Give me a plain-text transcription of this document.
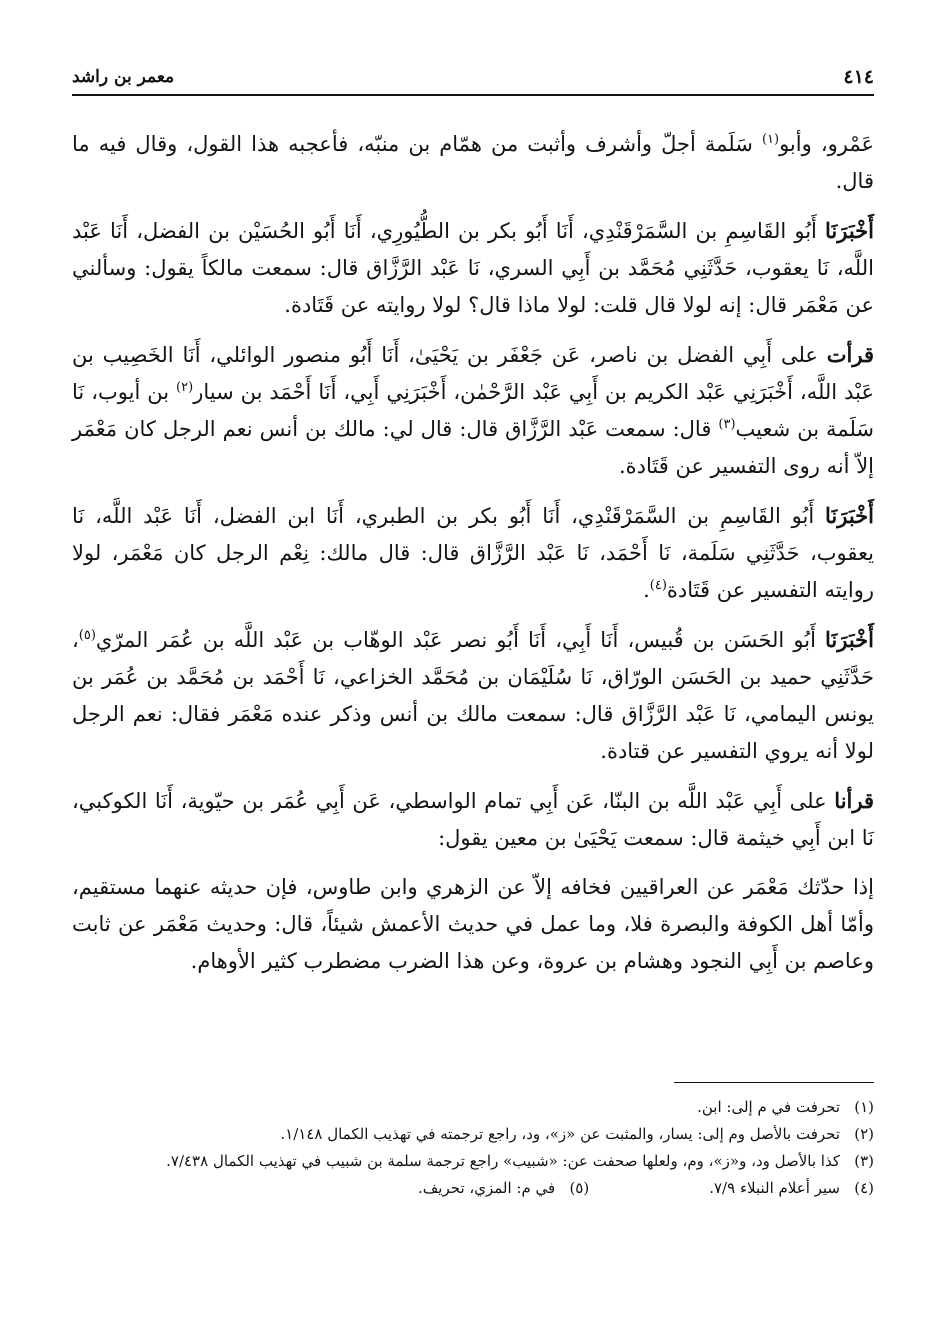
٤١٤
معمر بن راشد

عَمْرو، وأبو$^{(١)}$ سَلَمة أجلّ وأشرف وأثبت من همّام بن منبّه، فأعجبه هذا القول، وقال فيه ما قال.

أَخْبَرَنَا أَبُو القَاسِمِ بن السَّمَرْقَنْدِي، أَنَا أَبُو بكر بن الطُّيُورِي، أَنَا أَبُو الحُسَيْن بن الفضل، أَنَا عَبْد اللَّه، نَا يعقوب، حَدَّثَنِي مُحَمَّد بن أَبِي السري، نَا عَبْد الرَّزَّاق قال: سمعت مالكاً يقول: وسألني عن مَعْمَر قال: إنه لولا قال قلت: لولا ماذا قال؟ لولا روايته عن قَتَادة.

قرأت على أَبِي الفضل بن ناصر، عَن جَعْفَر بن يَحْيَىٰ، أَنَا أَبُو منصور الوائلي، أَنَا الخَصِيب بن عَبْد اللَّه، أَخْبَرَنِي عَبْد الكريم بن أَبِي عَبْد الرَّحْمٰن، أَخْبَرَنِي أَبِي، أَنَا أَحْمَد بن سيار$^{(٢)}$ بن أيوب، نَا سَلَمة بن شعيب$^{(٣)}$ قال: سمعت عَبْد الرَّزَّاق قال: قال لي: مالك بن أنس نعم الرجل كان مَعْمَر إلاّ أنه روى التفسير عن قَتَادة.

أَخْبَرَنَا أَبُو القَاسِمِ بن السَّمَرْقَنْدِي، أَنَا أَبُو بكر بن الطبري، أَنَا ابن الفضل، أَنَا عَبْد اللَّه، نَا يعقوب، حَدَّثَنِي سَلَمة، نَا أَحْمَد، نَا عَبْد الرَّزَّاق قال: قال مالك: نِعْم الرجل كان مَعْمَر، لولا روايته التفسير عن قَتَادة$^{(٤)}$.

أَخْبَرَنَا أَبُو الحَسَن بن قُبيس، أَنَا أَبِي، أَنَا أَبُو نصر عَبْد الوهّاب بن عَبْد اللَّه بن عُمَر المرّي$^{(٥)}$، حَدَّثَنِي حميد بن الحَسَن الورّاق، نَا سُلَيْمَان بن مُحَمَّد الخزاعي، نَا أَحْمَد بن مُحَمَّد بن عُمَر بن يونس اليمامي، نَا عَبْد الرَّزَّاق قال: سمعت مالك بن أنس وذكر عنده مَعْمَر فقال: نعم الرجل لولا أنه يروي التفسير عن قتادة.

قرأنا على أَبِي عَبْد اللَّه بن البنّا، عَن أَبِي تمام الواسطي، عَن أَبِي عُمَر بن حيّوية، أَنَا الكوكبي، نَا ابن أَبِي خيثمة قال: سمعت يَحْيَىٰ بن معين يقول:

إذا حدّثك مَعْمَر عن العراقيين فخافه إلاّ عن الزهري وابن طاوس، فإن حديثه عنهما مستقيم، وأمّا أهل الكوفة والبصرة فلا، وما عمل في حديث الأعمش شيئاً، قال: وحديث مَعْمَر عن ثابت وعاصم بن أَبِي النجود وهشام بن عروة، وعن هذا الضرب مضطرب كثير الأوهام.

(١)
تحرفت في م إلى: ابن.
(٢)
تحرفت بالأصل وم إلى: يسار، والمثبت عن «ز»، ود، راجع ترجمته في تهذيب الكمال ١/١٤٨.
(٣)
كذا بالأصل ود، و«ز»، وم، ولعلها صحفت عن: «شبيب» راجع ترجمة سلمة بن شبيب في تهذيب الكمال ٧/٤٣٨.
(٤)
سير أعلام النبلاء ٧/٩.
(٥)
في م: المزي، تحريف.
